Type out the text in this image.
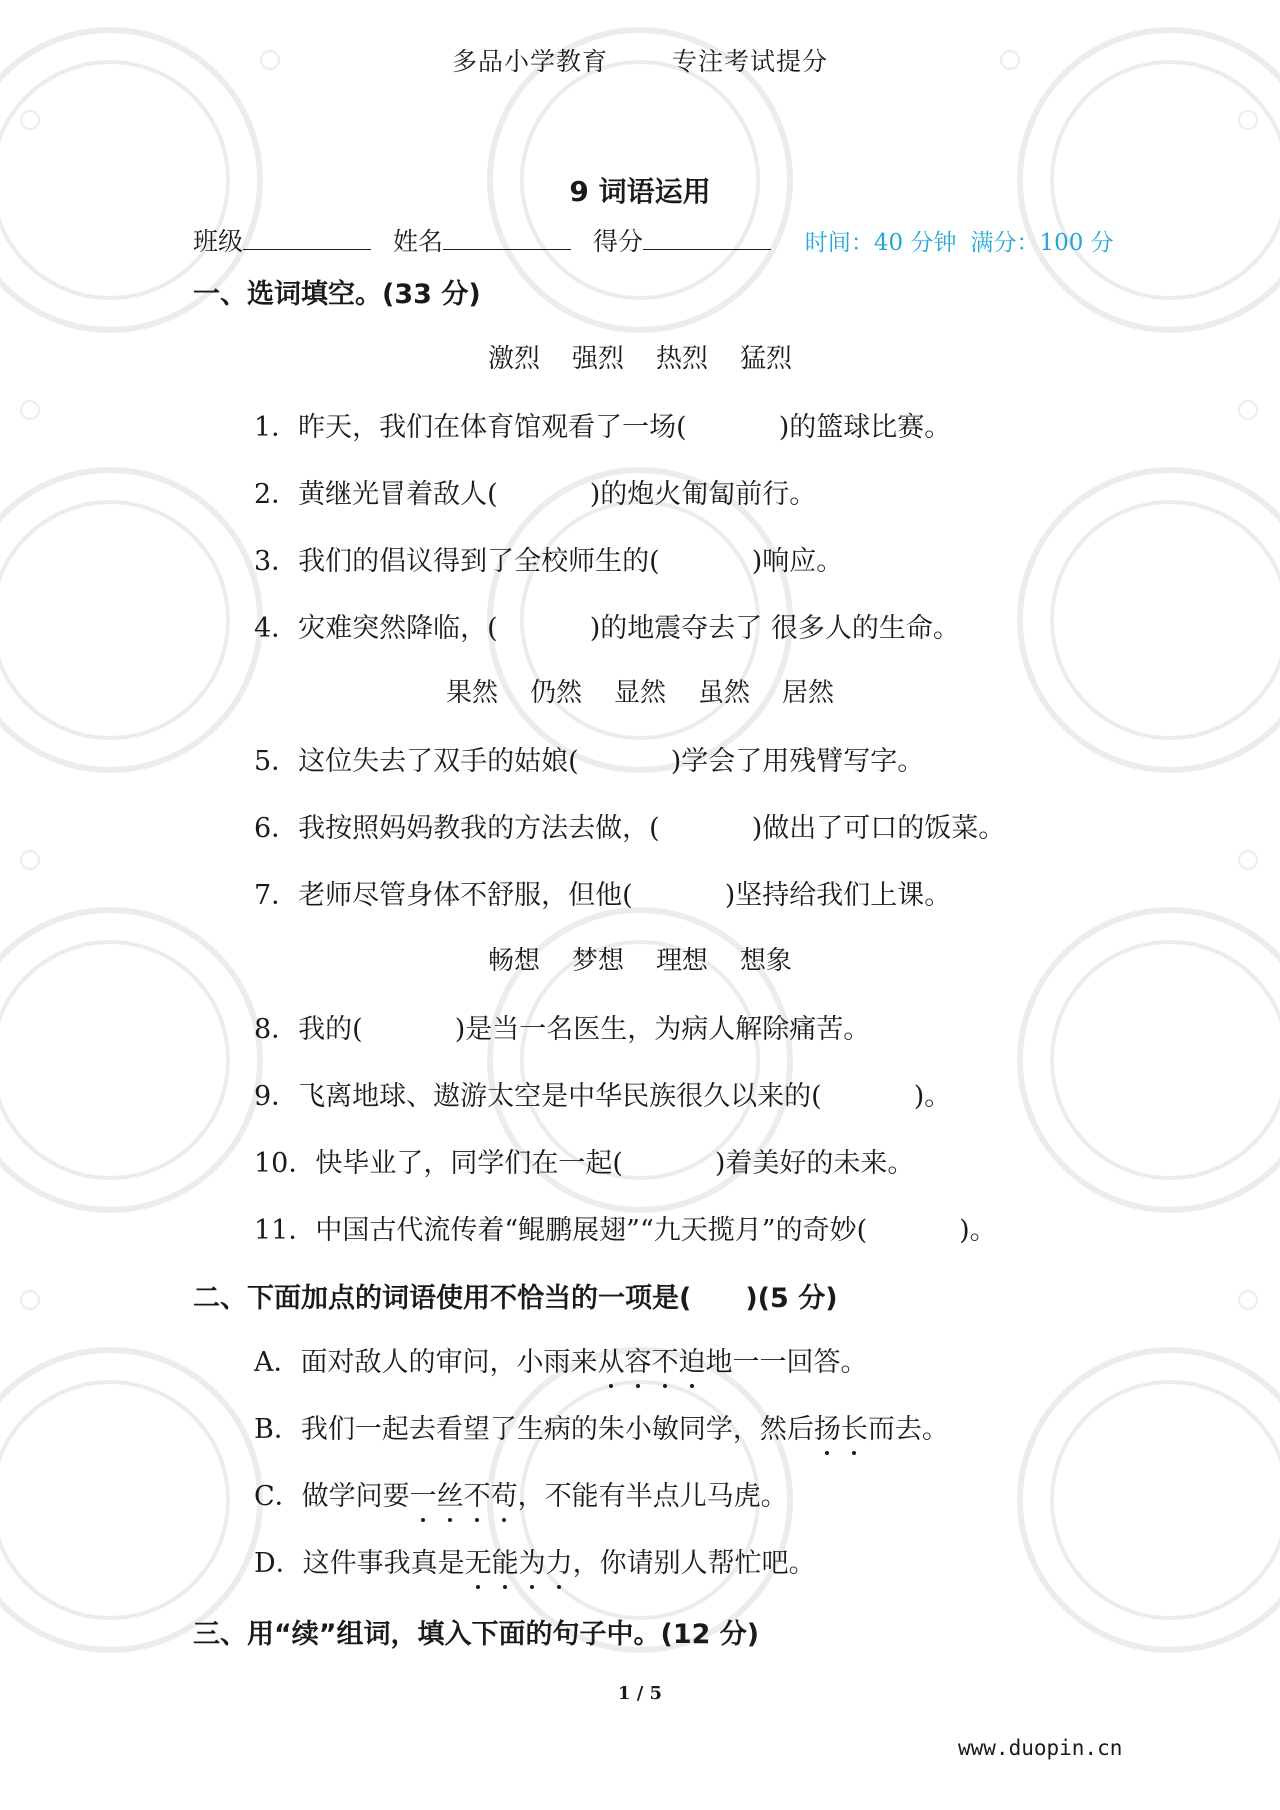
多品小学教育	专注考试提分
9 词语运用
班级	姓名	得分	时间：40 分钟 满分：100 分
一、选词填空。(33 分)
激烈 强烈 热烈 猛烈
1．昨天，我们在体育馆观看了一场(	)的篮球比赛。
2．黄继光冒着敌人(	)的炮火匍匐前行。
3．我们的倡议得到了全校师生的(	)响应。
4．灾难突然降临，(	)的地震夺去了 很多人的生命。
果然 仍然 显然 虽然 居然
5．这位失去了双手的姑娘(	)学会了用残臂写字。
6．我按照妈妈教我的方法去做，(	)做出了可口的饭菜。
7．老师尽管身体不舒服，但他(	)坚持给我们上课。
畅想 梦想 理想 想象
8．我的(	)是当一名医生，为病人解除痛苦。
9．飞离地球、遨游太空是中华民族很久以来的(	)。
10．快毕业了，同学们在一起(	)着美好的未来。
11．中国古代流传着“鲲鹏展翅”“九天揽月”的奇妙(	)。
二、下面加点的词语使用不恰当的一项是(　　)(5 分)
A．面对敌人的审问，小雨来从容不迫地一一回答。
B．我们一起去看望了生病的朱小敏同学，然后扬长而去。
C．做学问要一丝不苟，不能有半点儿马虎。
D．这件事我真是无能为力，你请别人帮忙吧。
三、用“续”组词，填入下面的句子中。(12 分)
1 / 5
www.duopin.cn
